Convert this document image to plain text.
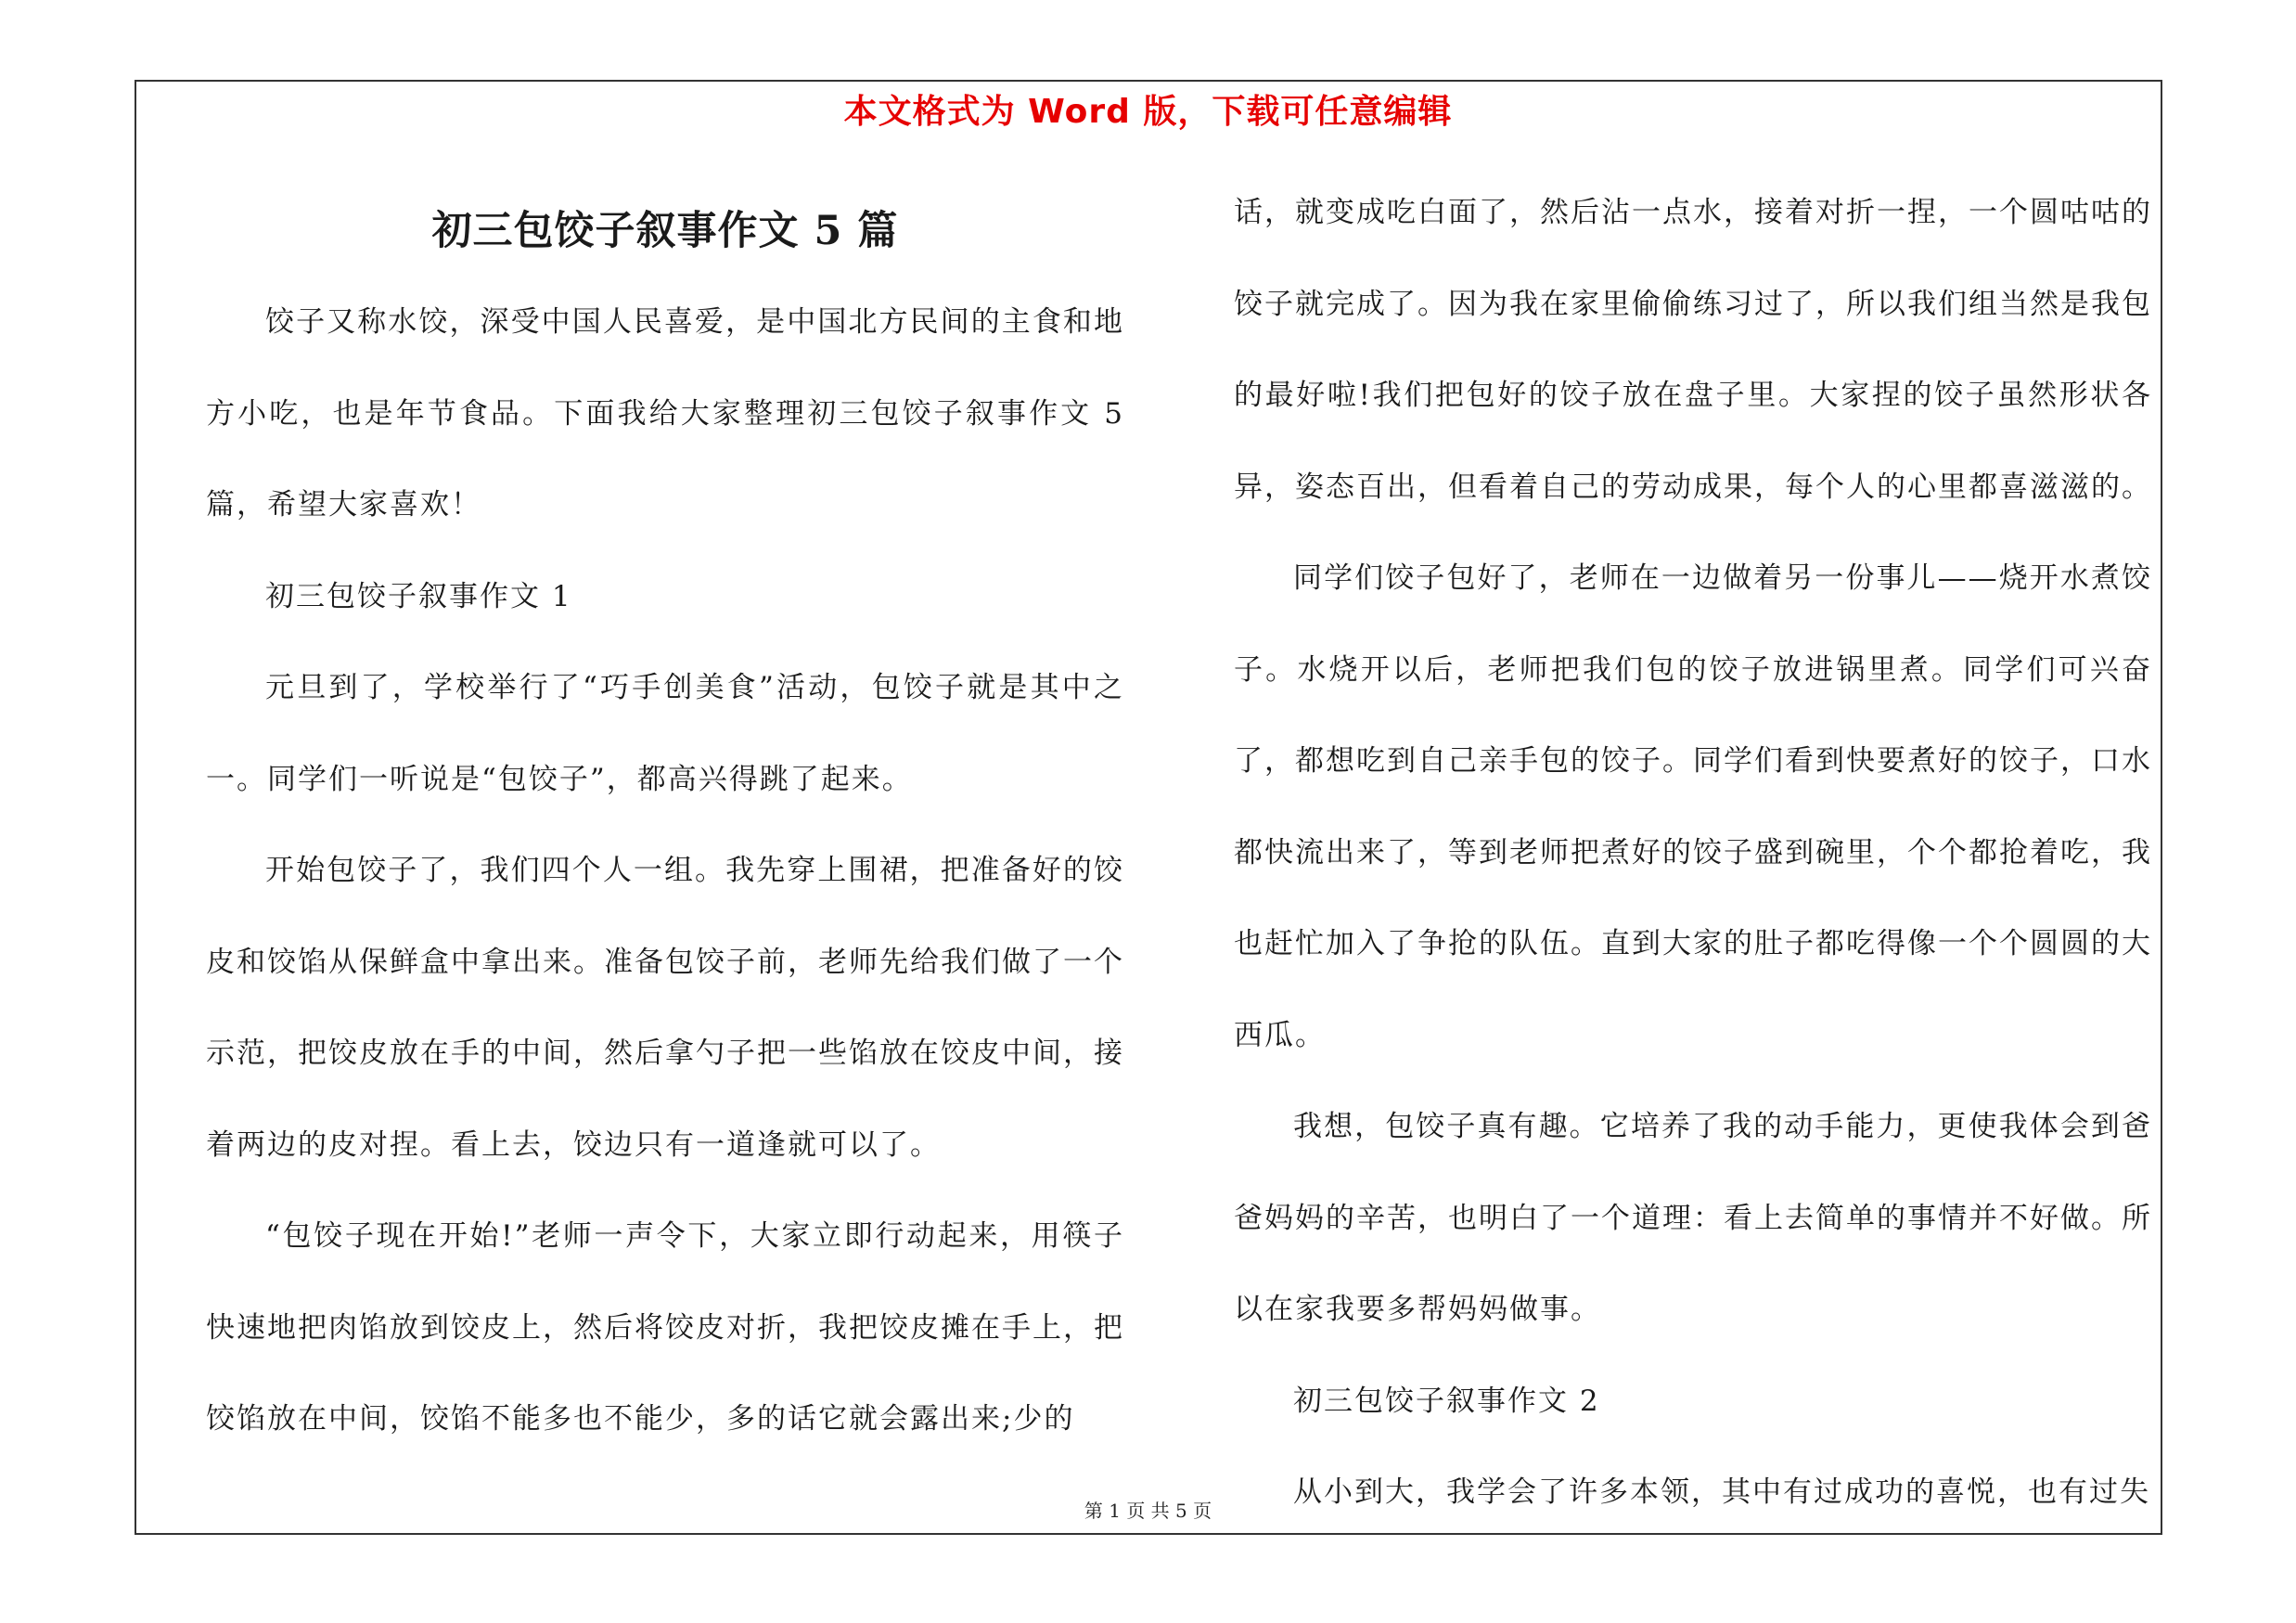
本文格式为 Word 版，下载可任意编辑
初三包饺子叙事作文 5 篇

饺子又称水饺，深受中国人民喜爱，是中国北方民间的主食和地方小吃，也是年节食品。下面我给大家整理初三包饺子叙事作文 5 篇，希望大家喜欢！

初三包饺子叙事作文 1

元旦到了，学校举行了“巧手创美食”活动，包饺子就是其中之一。同学们一听说是“包饺子”，都高兴得跳了起来。

开始包饺子了，我们四个人一组。我先穿上围裙，把准备好的饺皮和饺馅从保鲜盒中拿出来。准备包饺子前，老师先给我们做了一个示范，把饺皮放在手的中间，然后拿勺子把一些馅放在饺皮中间，接着两边的皮对捏。看上去，饺边只有一道逢就可以了。

“包饺子现在开始!”老师一声令下，大家立即行动起来，用筷子快速地把肉馅放到饺皮上，然后将饺皮对折，我把饺皮摊在手上，把饺馅放在中间，饺馅不能多也不能少，多的话它就会露出来;少的

话，就变成吃白面了，然后沾一点水，接着对折一捏，一个圆咕咕的饺子就完成了。因为我在家里偷偷练习过了，所以我们组当然是我包的最好啦!我们把包好的饺子放在盘子里。大家捏的饺子虽然形状各异，姿态百出，但看着自己的劳动成果，每个人的心里都喜滋滋的。

同学们饺子包好了，老师在一边做着另一份事儿——烧开水煮饺子。水烧开以后，老师把我们包的饺子放进锅里煮。同学们可兴奋了，都想吃到自己亲手包的饺子。同学们看到快要煮好的饺子，口水都快流出来了，等到老师把煮好的饺子盛到碗里，个个都抢着吃，我也赶忙加入了争抢的队伍。直到大家的肚子都吃得像一个个圆圆的大西瓜。

我想，包饺子真有趣。它培养了我的动手能力，更使我体会到爸爸妈妈的辛苦，也明白了一个道理：看上去简单的事情并不好做。所以在家我要多帮妈妈做事。

初三包饺子叙事作文 2

从小到大，我学会了许多本领，其中有过成功的喜悦，也有过失

第 1 页 共 5 页
